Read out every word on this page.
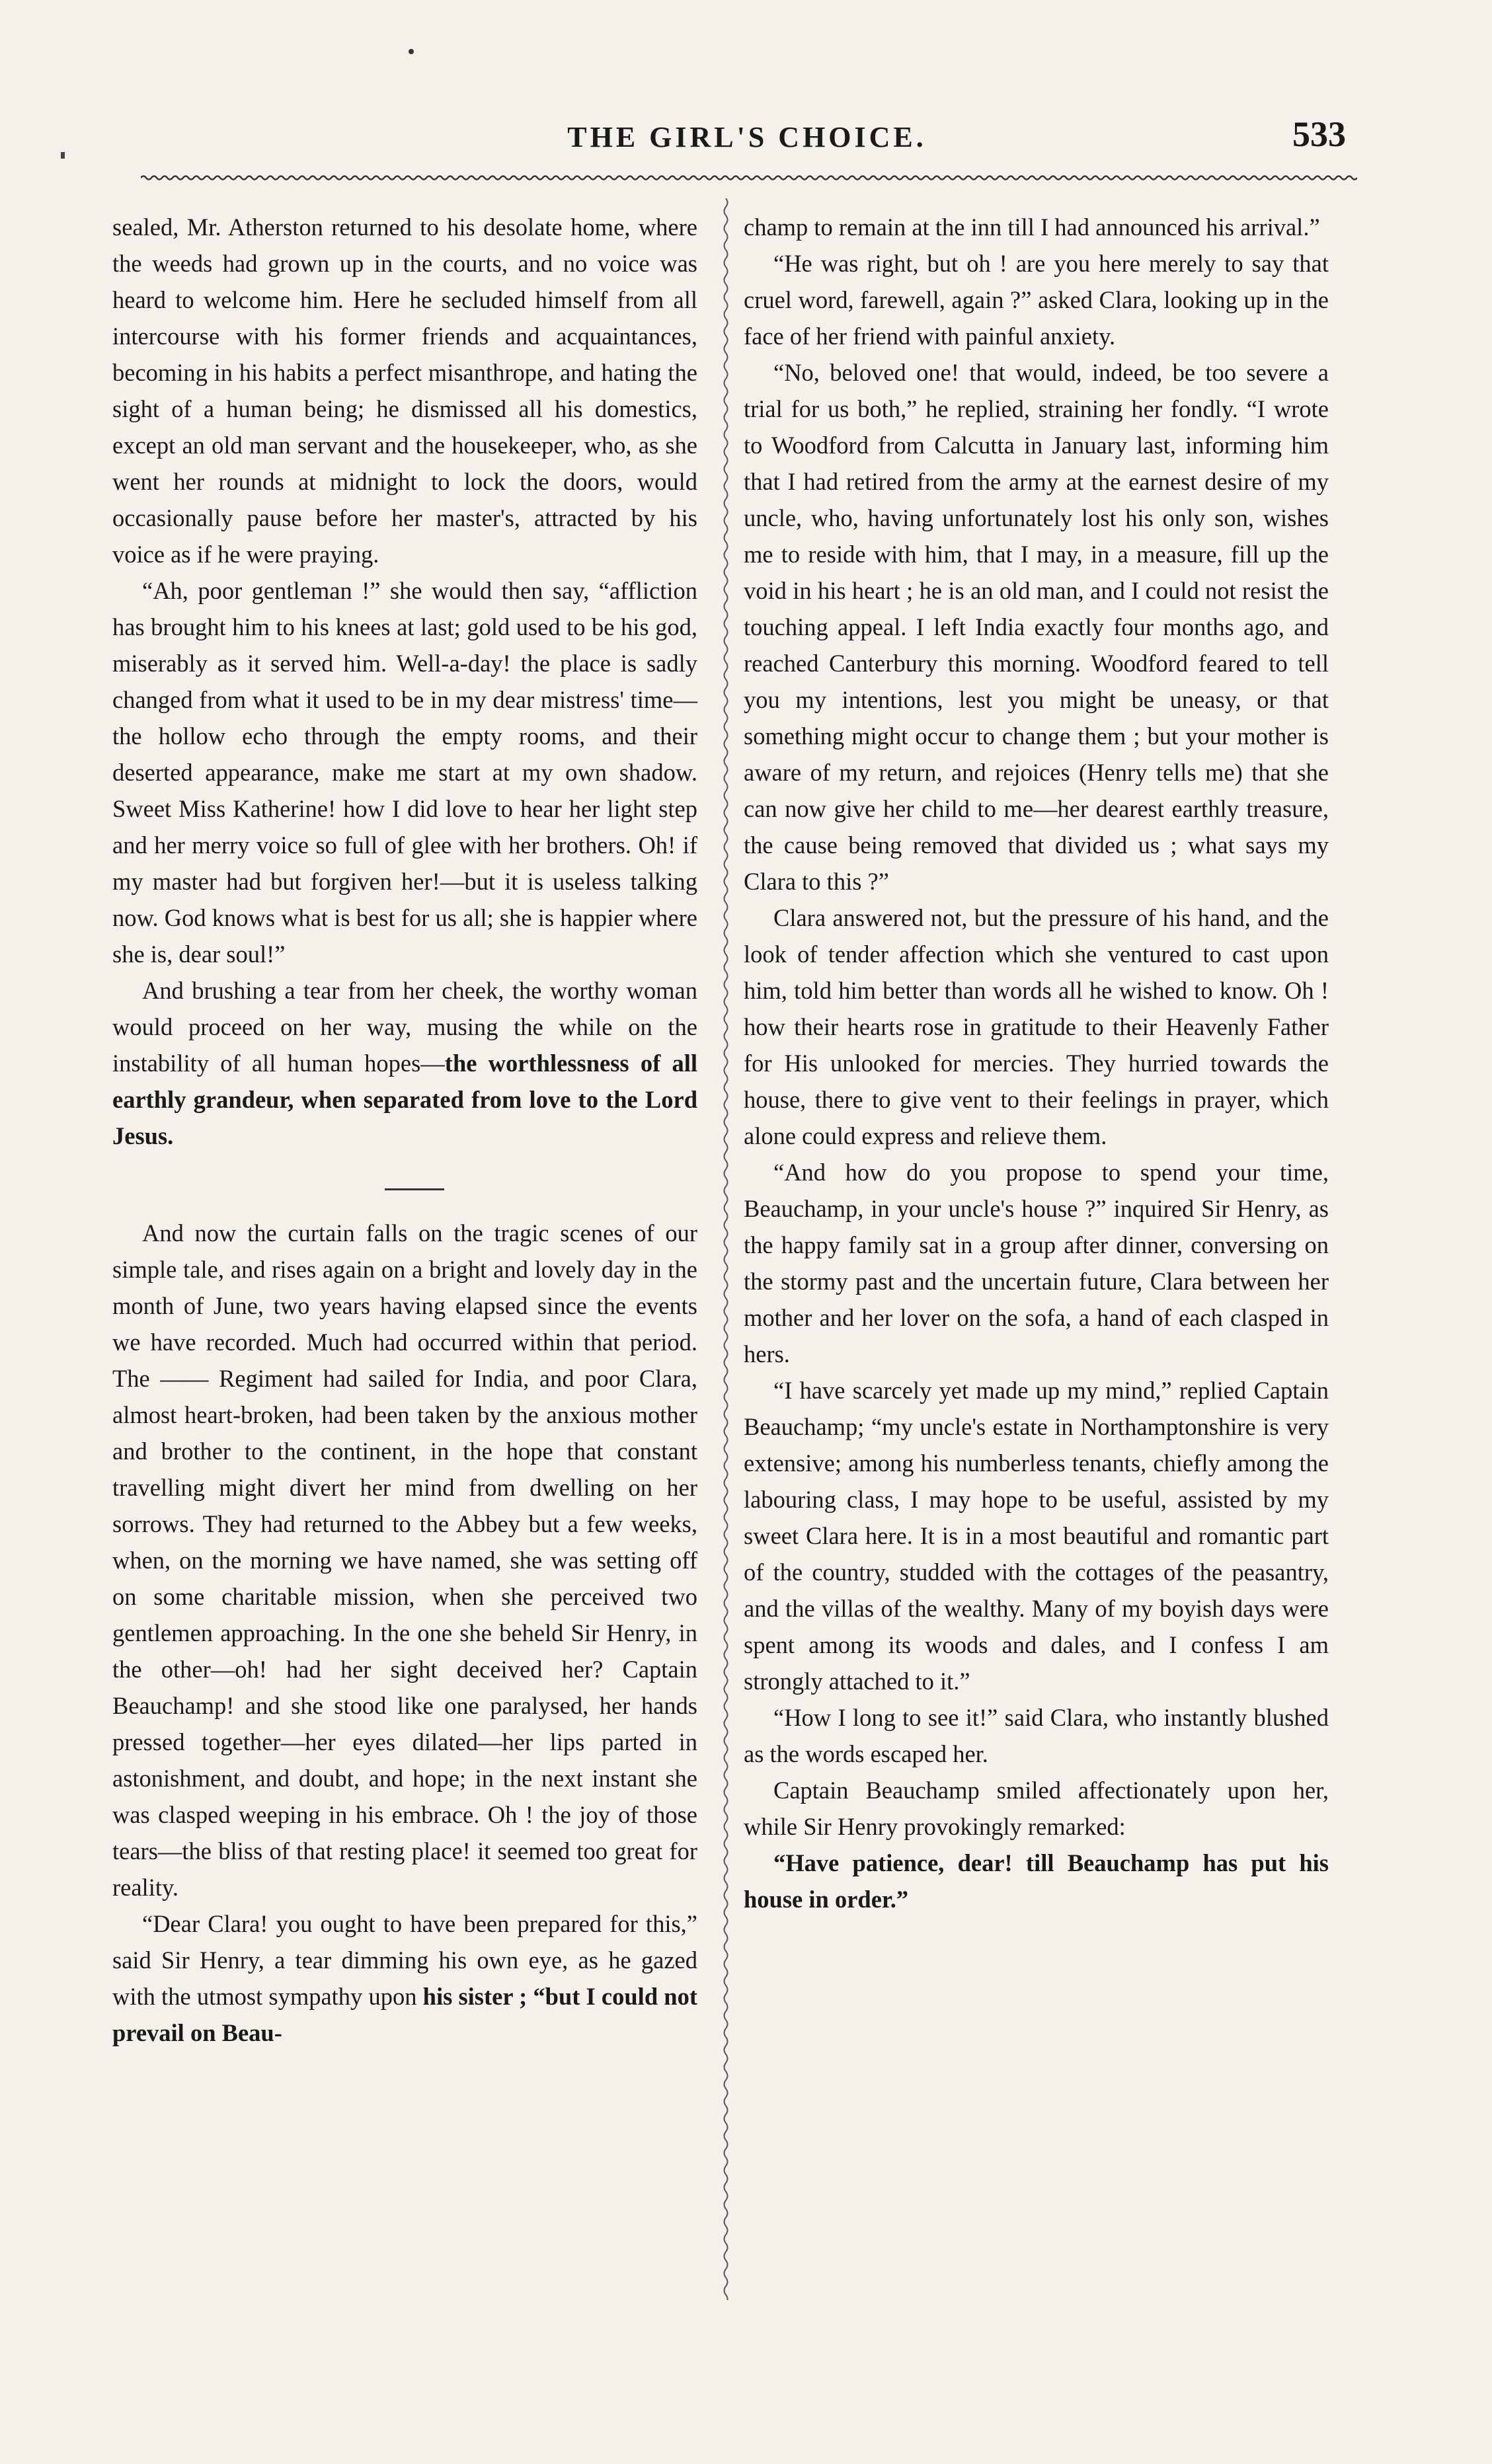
THE GIRL'S CHOICE.	533

sealed, Mr. Atherston returned to his desolate home, where the weeds had grown up in the courts, and no voice was heard to welcome him. Here he secluded himself from all intercourse with his former friends and acquaintances, becoming in his habits a perfect misanthrope, and hating the sight of a human being; he dismissed all his domestics, except an old man servant and the housekeeper, who, as she went her rounds at midnight to lock the doors, would occasionally pause before her master's, attracted by his voice as if he were praying.

“Ah, poor gentleman !” she would then say, “affliction has brought him to his knees at last; gold used to be his god, miserably as it served him. Well-a-day! the place is sadly changed from what it used to be in my dear mistress' time—the hollow echo through the empty rooms, and their deserted appearance, make me start at my own shadow. Sweet Miss Katherine! how I did love to hear her light step and her merry voice so full of glee with her brothers. Oh! if my master had but forgiven her!—but it is useless talking now. God knows what is best for us all; she is happier where she is, dear soul!”

And brushing a tear from her cheek, the worthy woman would proceed on her way, musing the while on the instability of all human hopes—the worthlessness of all earthly grandeur, when separated from love to the Lord Jesus.

And now the curtain falls on the tragic scenes of our simple tale, and rises again on a bright and lovely day in the month of June, two years having elapsed since the events we have recorded. Much had occurred within that period. The —— Regiment had sailed for India, and poor Clara, almost heart-broken, had been taken by the anxious mother and brother to the continent, in the hope that constant travelling might divert her mind from dwelling on her sorrows. They had returned to the Abbey but a few weeks, when, on the morning we have named, she was setting off on some charitable mission, when she perceived two gentlemen approaching. In the one she beheld Sir Henry, in the other—oh! had her sight deceived her? Captain Beauchamp! and she stood like one paralysed, her hands pressed together—her eyes dilated—her lips parted in astonishment, and doubt, and hope; in the next instant she was clasped weeping in his embrace. Oh ! the joy of those tears—the bliss of that resting place! it seemed too great for reality.

“Dear Clara! you ought to have been prepared for this,” said Sir Henry, a tear dimming his own eye, as he gazed with the utmost sympathy upon his sister ; “but I could not prevail on Beau-

champ to remain at the inn till I had announced his arrival.”

“He was right, but oh ! are you here merely to say that cruel word, farewell, again ?” asked Clara, looking up in the face of her friend with painful anxiety.

“No, beloved one! that would, indeed, be too severe a trial for us both,” he replied, straining her fondly. “I wrote to Woodford from Calcutta in January last, informing him that I had retired from the army at the earnest desire of my uncle, who, having unfortunately lost his only son, wishes me to reside with him, that I may, in a measure, fill up the void in his heart ; he is an old man, and I could not resist the touching appeal. I left India exactly four months ago, and reached Canterbury this morning. Woodford feared to tell you my intentions, lest you might be uneasy, or that something might occur to change them ; but your mother is aware of my return, and rejoices (Henry tells me) that she can now give her child to me—her dearest earthly treasure, the cause being removed that divided us ; what says my Clara to this ?”

Clara answered not, but the pressure of his hand, and the look of tender affection which she ventured to cast upon him, told him better than words all he wished to know. Oh ! how their hearts rose in gratitude to their Heavenly Father for His unlooked for mercies. They hurried towards the house, there to give vent to their feelings in prayer, which alone could express and relieve them.

“And how do you propose to spend your time, Beauchamp, in your uncle's house ?” inquired Sir Henry, as the happy family sat in a group after dinner, conversing on the stormy past and the uncertain future, Clara between her mother and her lover on the sofa, a hand of each clasped in hers.

“I have scarcely yet made up my mind,” replied Captain Beauchamp; “my uncle's estate in Northamptonshire is very extensive; among his numberless tenants, chiefly among the labouring class, I may hope to be useful, assisted by my sweet Clara here. It is in a most beautiful and romantic part of the country, studded with the cottages of the peasantry, and the villas of the wealthy. Many of my boyish days were spent among its woods and dales, and I confess I am strongly attached to it.”

“How I long to see it!” said Clara, who instantly blushed as the words escaped her.

Captain Beauchamp smiled affectionately upon her, while Sir Henry provokingly remarked:

“Have patience, dear! till Beauchamp has put his house in order.”
